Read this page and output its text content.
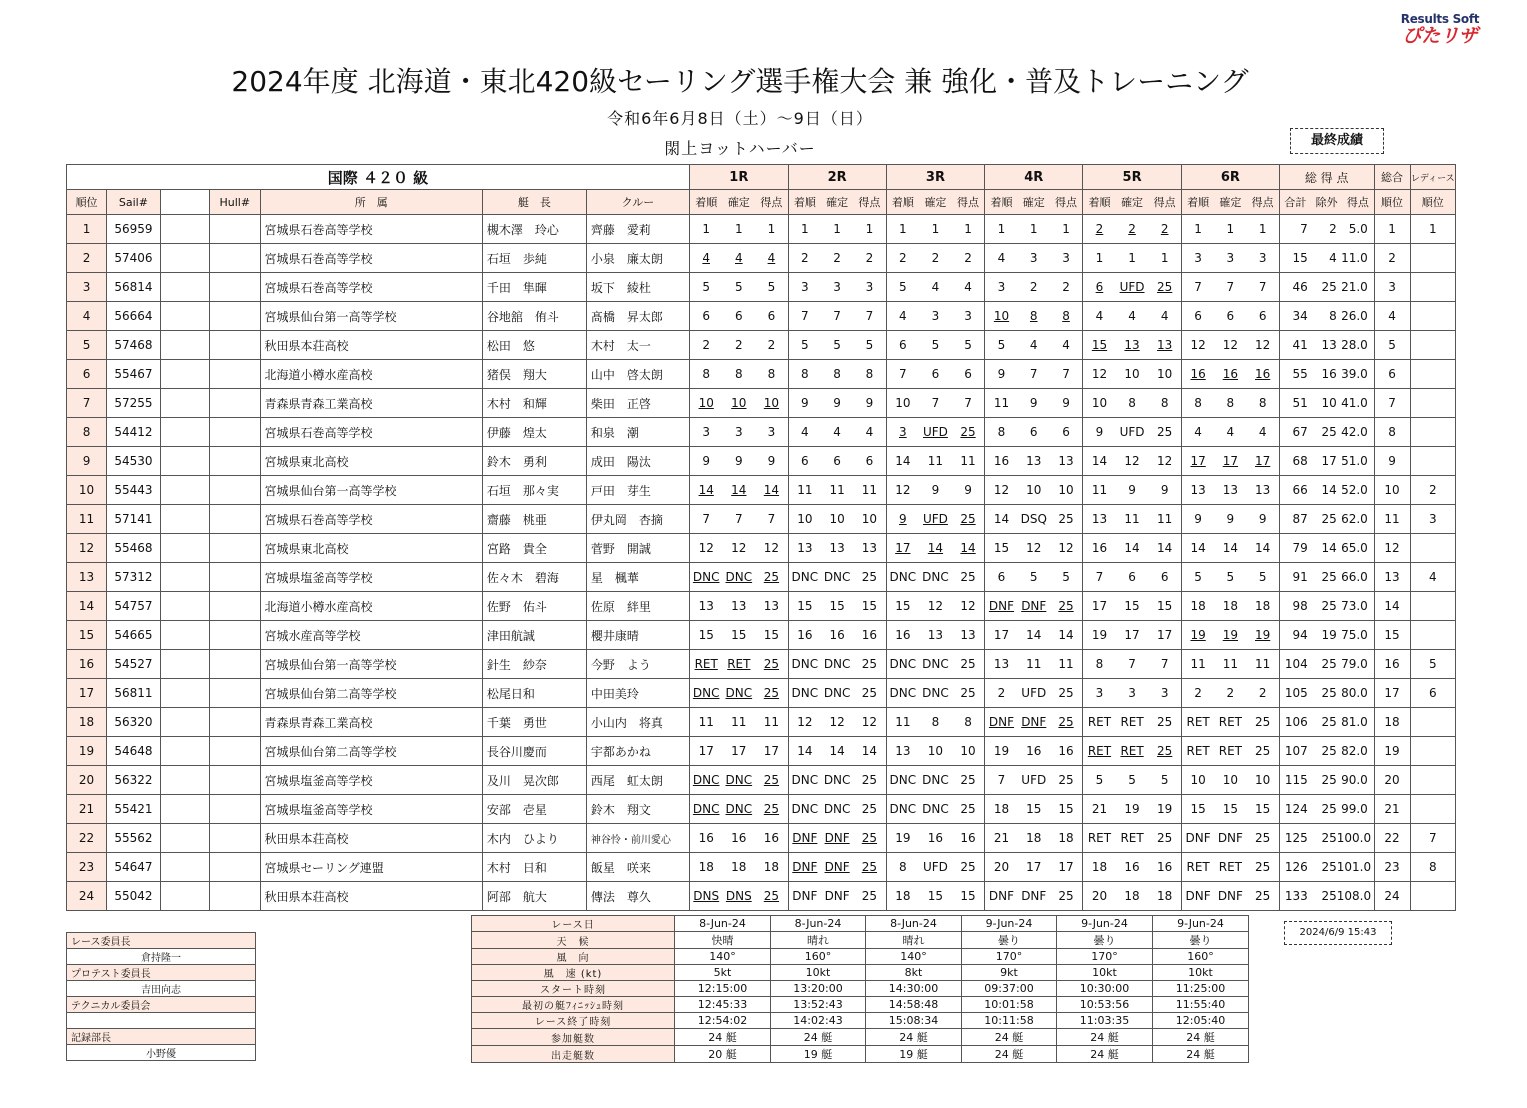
Results Soft
ぴたリザ
2024年度 北海道・東北420級セーリング選手権大会 兼 強化・普及トレーニング
令和6年6月8日（土）～9日（日）
閖上ヨットハーバー	最終成績
国際 ４２０ 級							1R	2R	3R	4R	5R	6R	総 得 点	総合	レディース
順位	Sail#		Hull#	所　属	艇　長	クルー	着順 確定 得点	着順 確定 得点	着順 確定 得点	着順 確定 得点	着順 確定 得点	着順 確定 得点	合計 除外 得点	順位	順位
1	56959			宮城県石巻高等学校	槻木澤　玲心	齊藤　愛莉	1 1 1	1 1 1	1 1 1	1 1 1	2 2 2	1 1 1	7 2 5.0	1	1
2	57406			宮城県石巻高等学校	石垣　歩純	小泉　廉太朗	4 4 4	2 2 2	2 2 2	4 3 3	1 1 1	3 3 3	15 4 11.0	2	
3	56814			宮城県石巻高等学校	千田　隼暉	坂下　綾杜	5 5 5	3 3 3	5 4 4	3 2 2	6 UFD 25	7 7 7	46 25 21.0	3	
4	56664			宮城県仙台第一高等学校	谷地舘　侑斗	髙橋　昇太郎	6 6 6	7 7 7	4 3 3	10 8 8	4 4 4	6 6 6	34 8 26.0	4	
5	57468			秋田県本荘高校	松田　悠	木村　太一	2 2 2	5 5 5	6 5 5	5 4 4	15 13 13	12 12 12	41 13 28.0	5	
6	55467			北海道小樽水産高校	猪俣　翔大	山中　啓太朗	8 8 8	8 8 8	7 6 6	9 7 7	12 10 10	16 16 16	55 16 39.0	6	
7	57255			青森県青森工業高校	木村　和輝	柴田　正啓	10 10 10	9 9 9	10 7 7	11 9 9	10 8 8	8 8 8	51 10 41.0	7	
8	54412			宮城県石巻高等学校	伊藤　煌太	和泉　潮	3 3 3	4 4 4	3 UFD 25	8 6 6	9 UFD 25	4 4 4	67 25 42.0	8	
9	54530			宮城県東北高校	鈴木　勇利	成田　陽汰	9 9 9	6 6 6	14 11 11	16 13 13	14 12 12	17 17 17	68 17 51.0	9	
10	55443			宮城県仙台第一高等学校	石垣　那々実	戸田　芽生	14 14 14	11 11 11	12 9 9	12 10 10	11 9 9	13 13 13	66 14 52.0	10	2
11	57141			宮城県石巻高等学校	齋藤　桃亜	伊丸岡　杏摘	7 7 7	10 10 10	9 UFD 25	14 DSQ 25	13 11 11	9 9 9	87 25 62.0	11	3
12	55468			宮城県東北高校	宮路　貴全	菅野　開誠	12 12 12	13 13 13	17 14 14	15 12 12	16 14 14	14 14 14	79 14 65.0	12	
13	57312			宮城県塩釜高等学校	佐々木　碧海	星　楓華	DNC DNC 25	DNC DNC 25	DNC DNC 25	6 5 5	7 6 6	5 5 5	91 25 66.0	13	4
14	54757			北海道小樽水産高校	佐野　佑斗	佐原　絆里	13 13 13	15 15 15	15 12 12	DNF DNF 25	17 15 15	18 18 18	98 25 73.0	14	
15	54665			宮城水産高等学校	津田航誠	櫻井康晴	15 15 15	16 16 16	16 13 13	17 14 14	19 17 17	19 19 19	94 19 75.0	15	
16	54527			宮城県仙台第一高等学校	針生　紗奈	今野　よう	RET RET 25	DNC DNC 25	DNC DNC 25	13 11 11	8 7 7	11 11 11	104 25 79.0	16	5
17	56811			宮城県仙台第二高等学校	松尾日和	中田美玲	DNC DNC 25	DNC DNC 25	DNC DNC 25	2 UFD 25	3 3 3	2 2 2	105 25 80.0	17	6
18	56320			青森県青森工業高校	千葉　勇世	小山内　将真	11 11 11	12 12 12	11 8 8	DNF DNF 25	RET RET 25	RET RET 25	106 25 81.0	18	
19	54648			宮城県仙台第二高等学校	長谷川慶而	宇都あかね	17 17 17	14 14 14	13 10 10	19 16 16	RET RET 25	RET RET 25	107 25 82.0	19	
20	56322			宮城県塩釜高等学校	及川　晃次郎	西尾　虹太朗	DNC DNC 25	DNC DNC 25	DNC DNC 25	7 UFD 25	5 5 5	10 10 10	115 25 90.0	20	
21	55421			宮城県塩釜高等学校	安部　壱星	鈴木　翔文	DNC DNC 25	DNC DNC 25	DNC DNC 25	18 15 15	21 19 19	15 15 15	124 25 99.0	21	
22	55562			秋田県本荘高校	木内　ひより	神谷怜・前川愛心	16 16 16	DNF DNF 25	19 16 16	21 18 18	RET RET 25	DNF DNF 25	125 25 100.0	22	7
23	54647			宮城県セーリング連盟	木村　日和	飯星　咲来	18 18 18	DNF DNF 25	8 UFD 25	20 17 17	18 16 16	RET RET 25	126 25 101.0	23	8
24	55042			秋田県本荘高校	阿部　航大	傳法　尊久	DNS DNS 25	DNF DNF 25	18 15 15	DNF DNF 25	20 18 18	DNF DNF 25	133 25 108.0	24	
レース委員長
倉持隆一
プロテスト委員長
吉田向志
テクニカル委員会

記録部長
小野優
レース日	8-Jun-24	8-Jun-24	8-Jun-24	9-Jun-24	9-Jun-24	9-Jun-24
天　候	快晴	晴れ	晴れ	曇り	曇り	曇り
風　向	140°	160°	140°	170°	170°	160°
風　速 (kt)	5kt	10kt	8kt	9kt	10kt	10kt
スタート時刻	12:15:00	13:20:00	14:30:00	09:37:00	10:30:00	11:25:00
最初の艇ﾌｨﾆｯｼｭ時刻	12:45:33	13:52:43	14:58:48	10:01:58	10:53:56	11:55:40
レース終了時刻	12:54:02	14:02:43	15:08:34	10:11:58	11:03:35	12:05:40
参加艇数	24 艇	24 艇	24 艇	24 艇	24 艇	24 艇
出走艇数	20 艇	19 艇	19 艇	24 艇	24 艇	24 艇
2024/6/9 15:43
